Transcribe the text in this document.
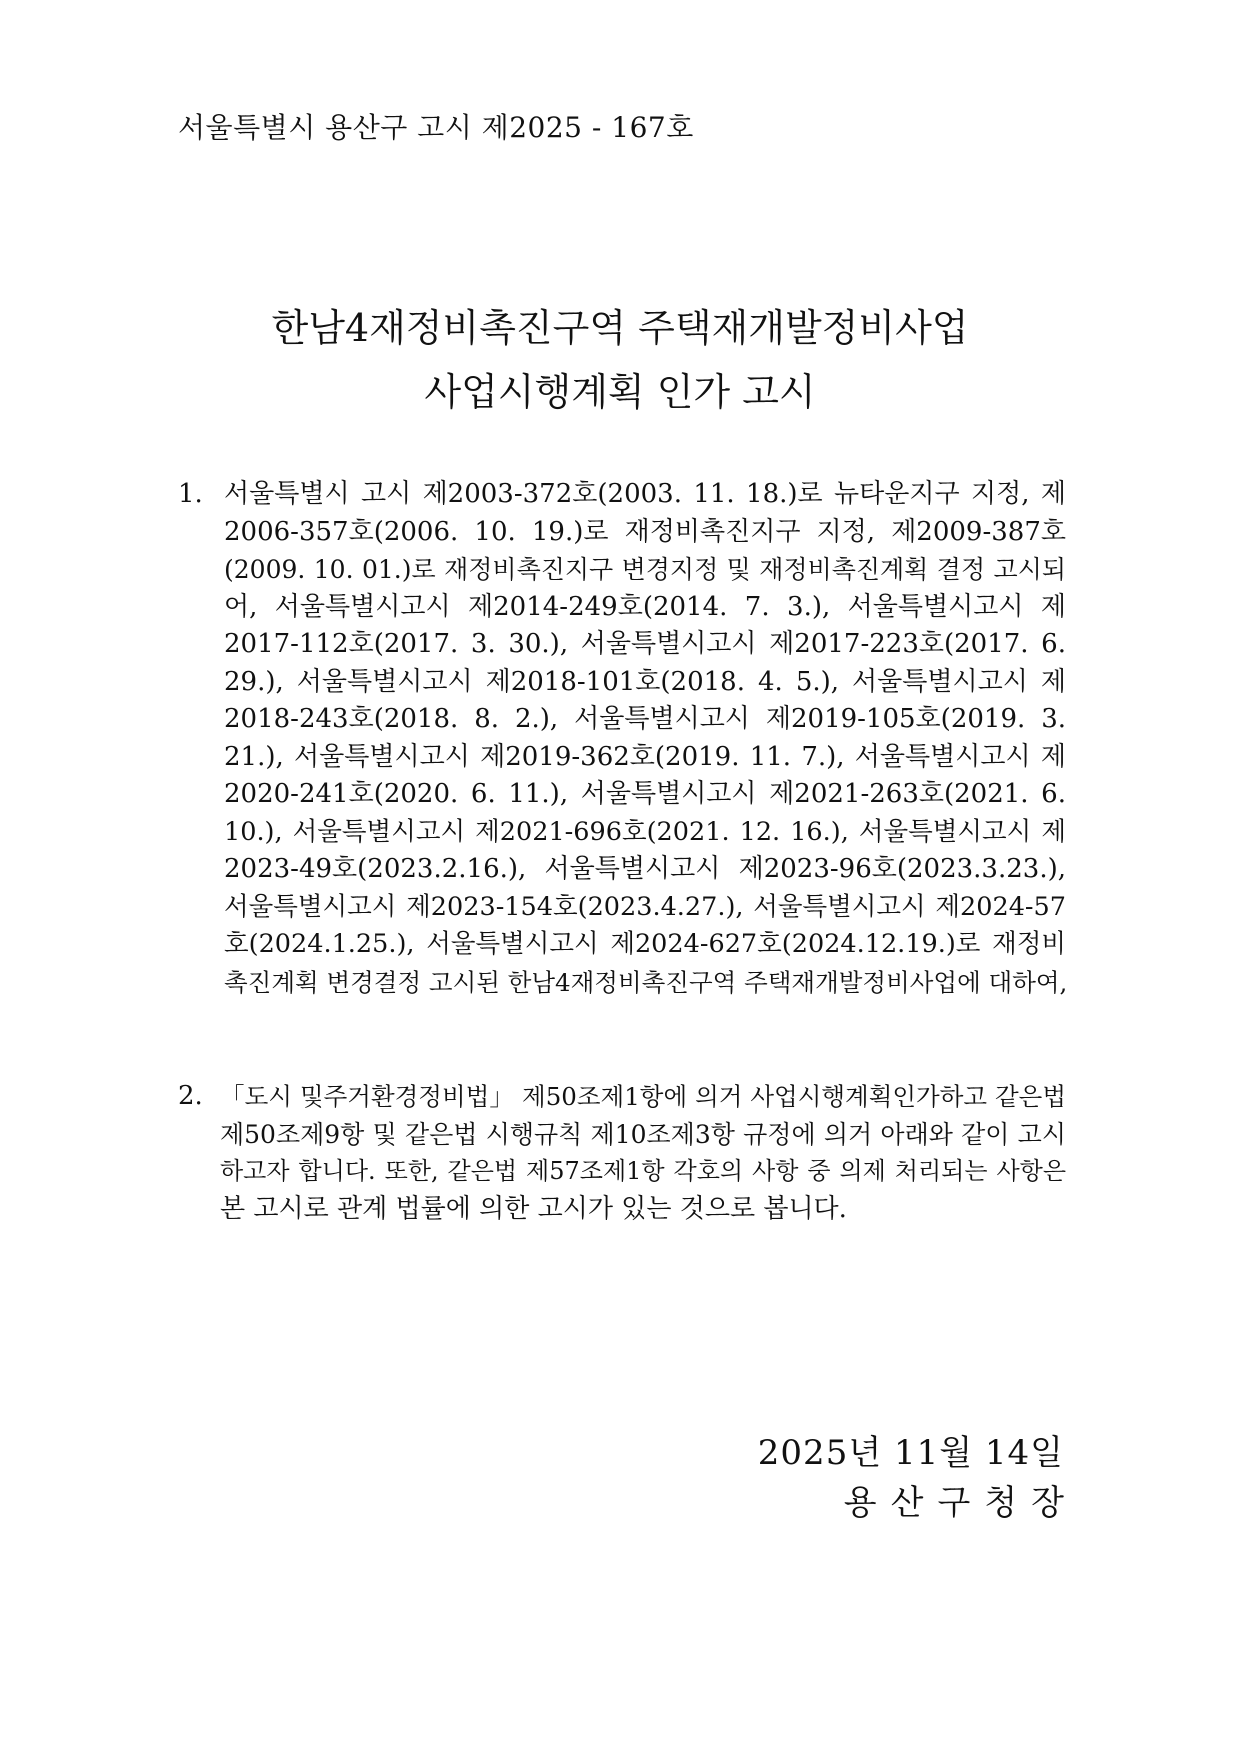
서울특별시 용산구 고시 제2025 - 167호
한남4재정비촉진구역 주택재개발정비사업
사업시행계획 인가 고시
1. 서울특별시 고시 제2003-372호(2003. 11. 18.)로 뉴타운지구 지정, 제
2006-357호(2006. 10. 19.)로 재정비촉진지구 지정, 제2009-387호
(2009. 10. 01.)로 재정비촉진지구 변경지정 및 재정비촉진계획 결정 고시되
어, 서울특별시고시 제2014-249호(2014. 7. 3.), 서울특별시고시 제
2017-112호(2017. 3. 30.), 서울특별시고시 제2017-223호(2017. 6.
29.), 서울특별시고시 제2018-101호(2018. 4. 5.), 서울특별시고시 제
2018-243호(2018. 8. 2.), 서울특별시고시 제2019-105호(2019. 3.
21.), 서울특별시고시 제2019-362호(2019. 11. 7.), 서울특별시고시 제
2020-241호(2020. 6. 11.), 서울특별시고시 제2021-263호(2021. 6.
10.), 서울특별시고시 제2021-696호(2021. 12. 16.), 서울특별시고시 제
2023-49호(2023.2.16.), 서울특별시고시 제2023-96호(2023.3.23.),
서울특별시고시 제2023-154호(2023.4.27.), 서울특별시고시 제2024-57
호(2024.1.25.), 서울특별시고시 제2024-627호(2024.12.19.)로 재정비
촉진계획 변경결정 고시된 한남4재정비촉진구역 주택재개발정비사업에 대하여,
2. 「도시 및주거환경정비법」 제50조제1항에 의거 사업시행계획인가하고 같은법
제50조제9항 및 같은법 시행규칙 제10조제3항 규정에 의거 아래와 같이 고시
하고자 합니다. 또한, 같은법 제57조제1항 각호의 사항 중 의제 처리되는 사항은
본 고시로 관계 법률에 의한 고시가 있는 것으로 봅니다.
2025년 11월 14일
용산구청장
